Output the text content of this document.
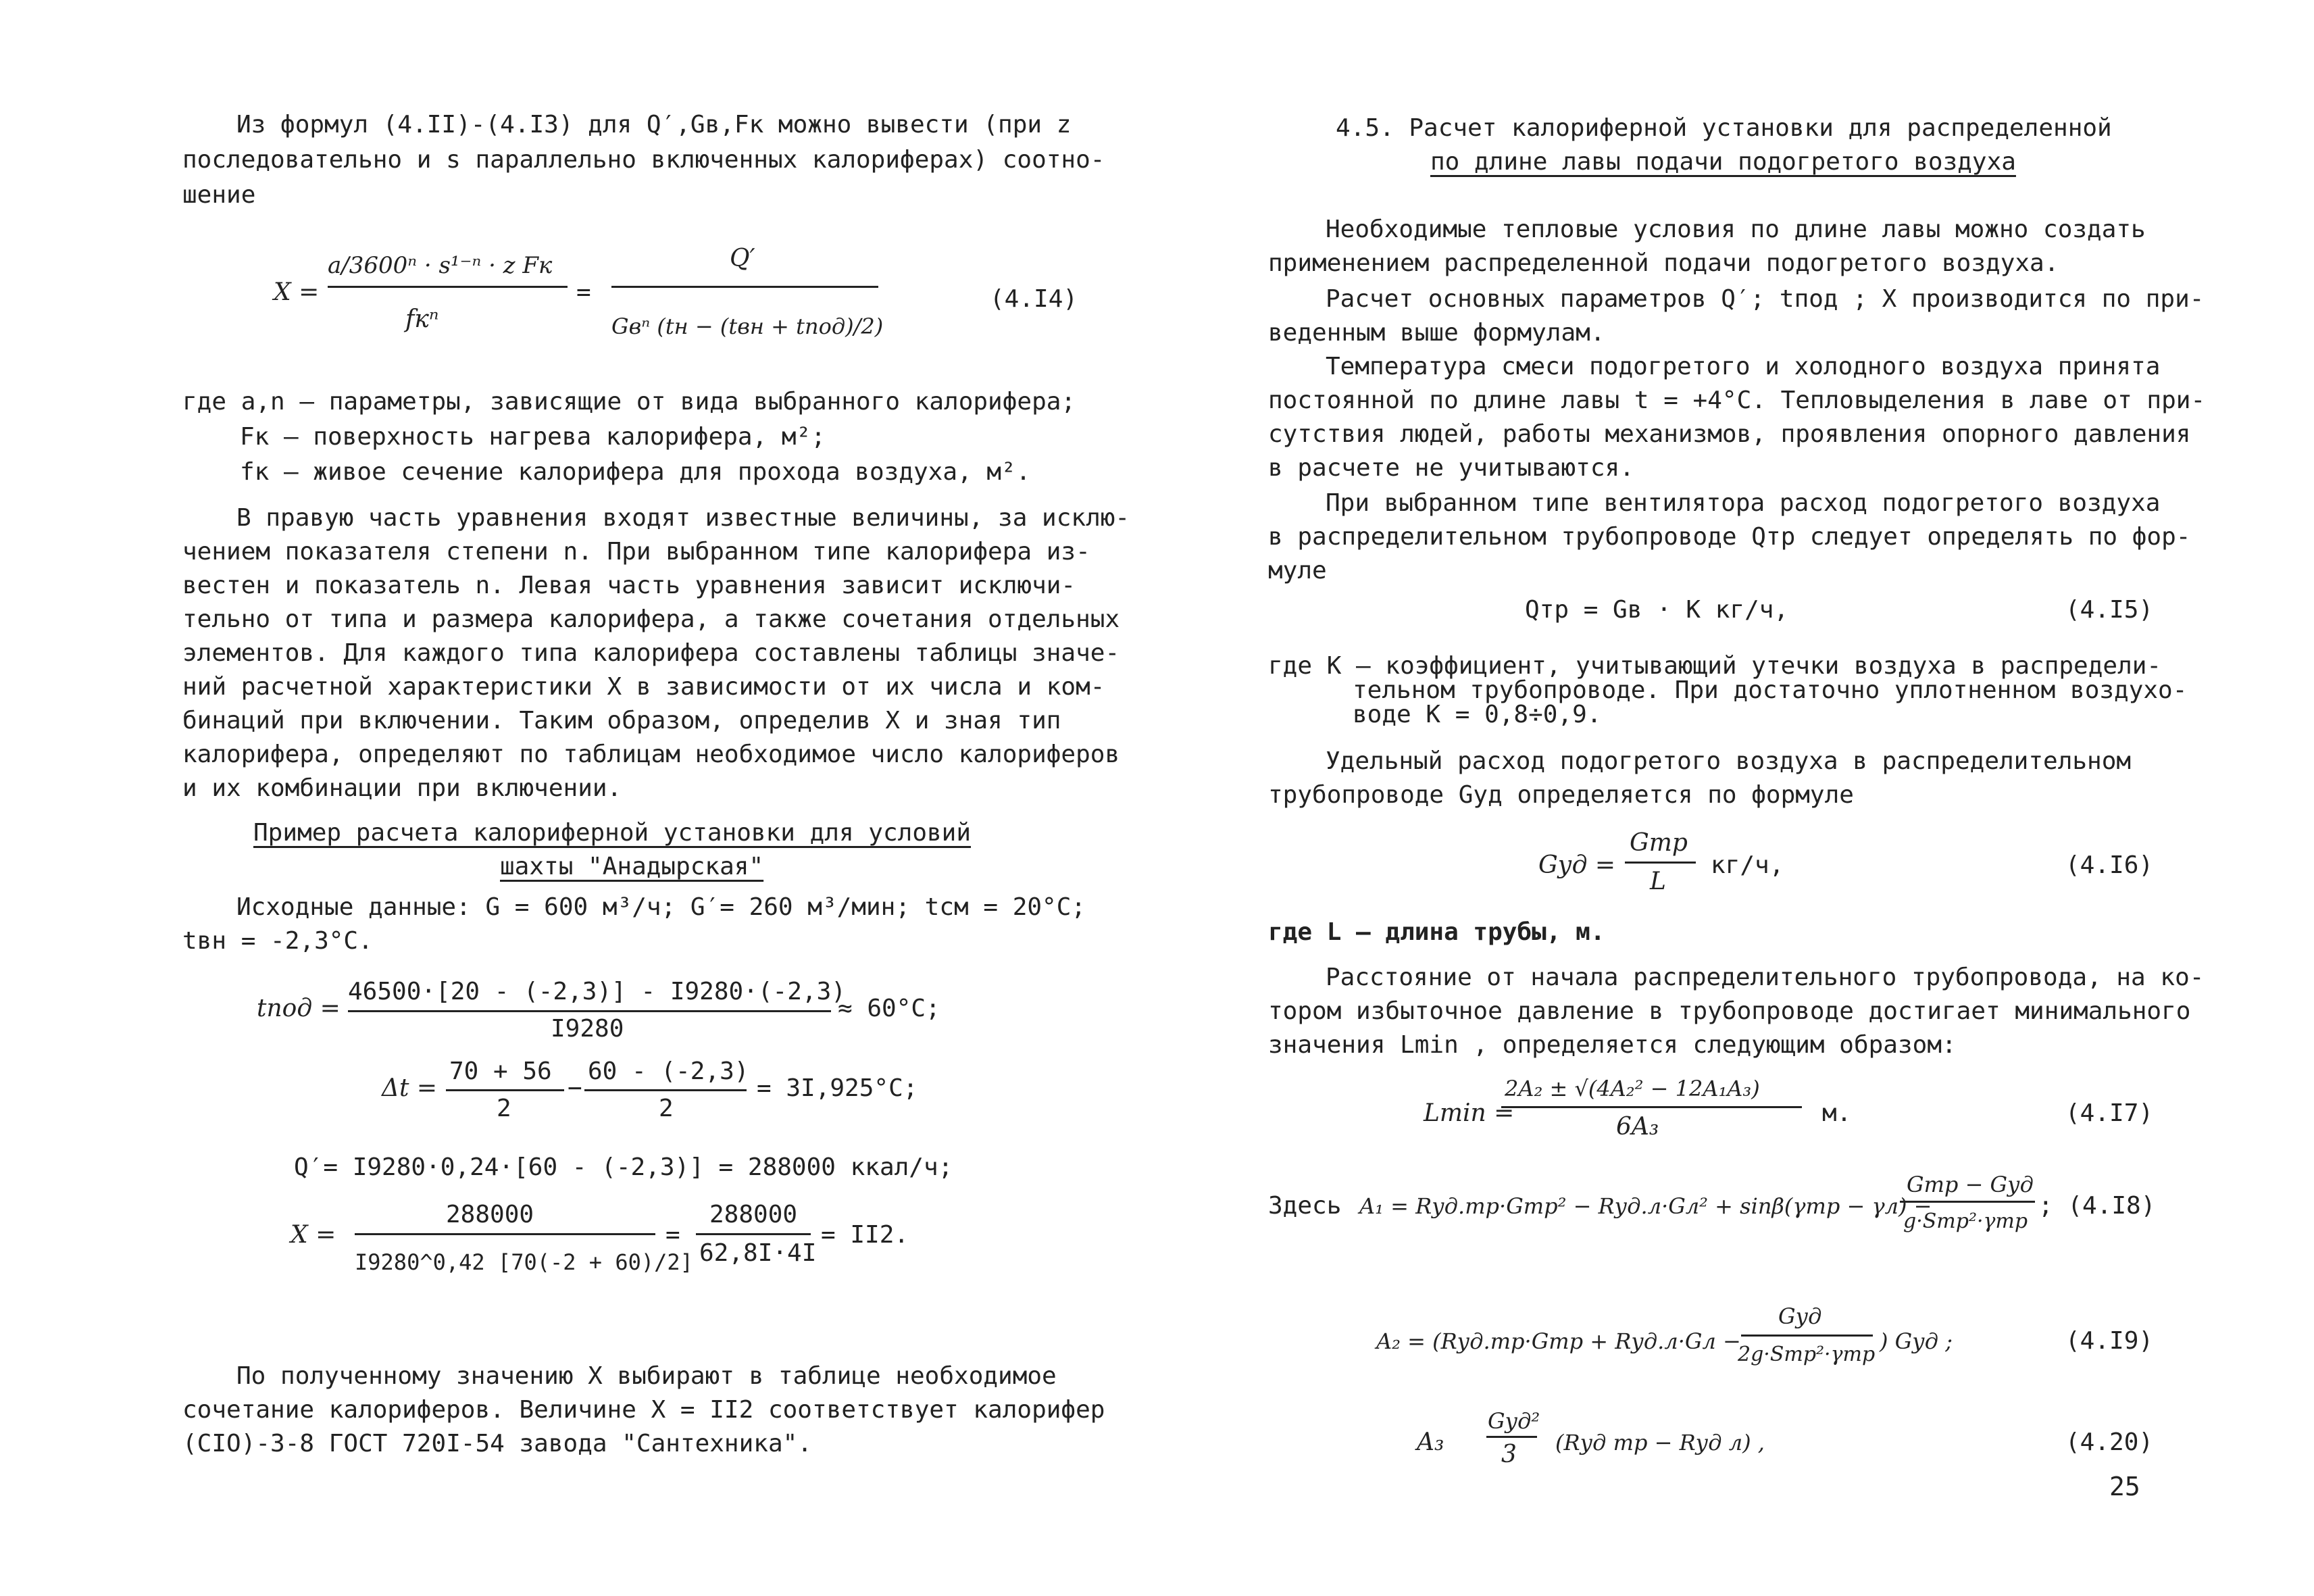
Из формул (4.II)-(4.I3) для Q′,Gв,Fк можно вывести (при z

последовательно и s параллельно включенных калориферах) соотно-

шение

X =
a/3600ⁿ · s¹⁻ⁿ · z Fк
fкⁿ
=
Q′
Gвⁿ (tн − (tвн + tпод)/2)
(4.I4)

где a,n – параметры, зависящие от вида выбранного калорифера;

Fк – поверхность нагрева калорифера, м²;

fк – живое сечение калорифера для прохода воздуха, м².

В правую часть уравнения входят известные величины, за исклю-

чением показателя степени n. При выбранном типе калорифера из-

вестен и показатель n. Левая часть уравнения зависит исключи-

тельно от типа и размера калорифера, а также сочетания отдельных

элементов. Для каждого типа калорифера составлены таблицы значе-

ний расчетной характеристики X в зависимости от их числа и ком-

бинаций при включении. Таким образом, определив X и зная тип

калорифера, определяют по таблицам необходимое число калориферов

и их комбинации при включении.

Пример расчета калориферной установки для условий

шахты "Анадырская"

Исходные данные: G = 600 м³/ч; G′= 260 м³/мин; tсм = 20°С;

tвн = -2,3°С.

tпод =
46500·[20 - (-2,3)] - I9280·(-2,3)
I9280
≈ 60°С;
Δt =
70 + 56
2
−
60 - (-2,3)
2
= 3I,925°С;
Q′= I9280·0,24·[60 - (-2,3)] = 288000 ккал/ч;
X =
288000
I9280^0,42 [70(-2 + 60)/2]
=
288000
62,8I·4I
= II2.

По полученному значению X выбирают в таблице необходимое

сочетание калориферов. Величине X = II2 соответствует калорифер

(CIO)-3-8 ГОСТ 720I-54 завода "Сантехника".

4.5. Расчет калориферной установки для распределенной

по длине лавы подачи подогретого воздуха

Необходимые тепловые условия по длине лавы можно создать

применением распределенной подачи подогретого воздуха.

Расчет основных параметров Q′; tпод ; X производится по при-

веденным выше формулам.

Температура смеси подогретого и холодного воздуха принята

постоянной по длине лавы t = +4°С. Тепловыделения в лаве от при-

сутствия людей, работы механизмов, проявления опорного давления

в расчете не учитываются.

При выбранном типе вентилятора расход подогретого воздуха

в распределительном трубопроводе Qтр следует определять по фор-

муле

Qтр = Gв · K кг/ч,	(4.I5)

где K – коэффициент, учитывающий утечки воздуха в распредели-

тельном трубопроводе. При достаточно уплотненном воздухо-

воде K = 0,8÷0,9.

Удельный расход подогретого воздуха в распределительном

трубопроводе Gуд определяется по формуле

Gуд =
Gтр
L
кг/ч,	(4.I6)

где L – длина трубы, м.

Расстояние от начала распределительного трубопровода, на ко-

тором избыточное давление в трубопроводе достигает минимального

значения Lmin , определяется следующим образом:

Lmin =
2A₂ ± √(4A₂² − 12A₁A₃)
6A₃	м.	(4.I7)
Здесь A₁ = Rуд.тр·Gтр² − Rуд.л·Gл² + sinβ(γтр − γл) −
Gтр − Gуд
g·Sтр²·γтр
; (4.I8)
A₂ = (Rуд.тр·Gтр + Rуд.л·Gл −
Gуд
2g·Sтр²·γтр
) Gуд ;	(4.I9)
A₃
Gуд²
3 (Rуд тр − Rуд л) ,	(4.20)
25
